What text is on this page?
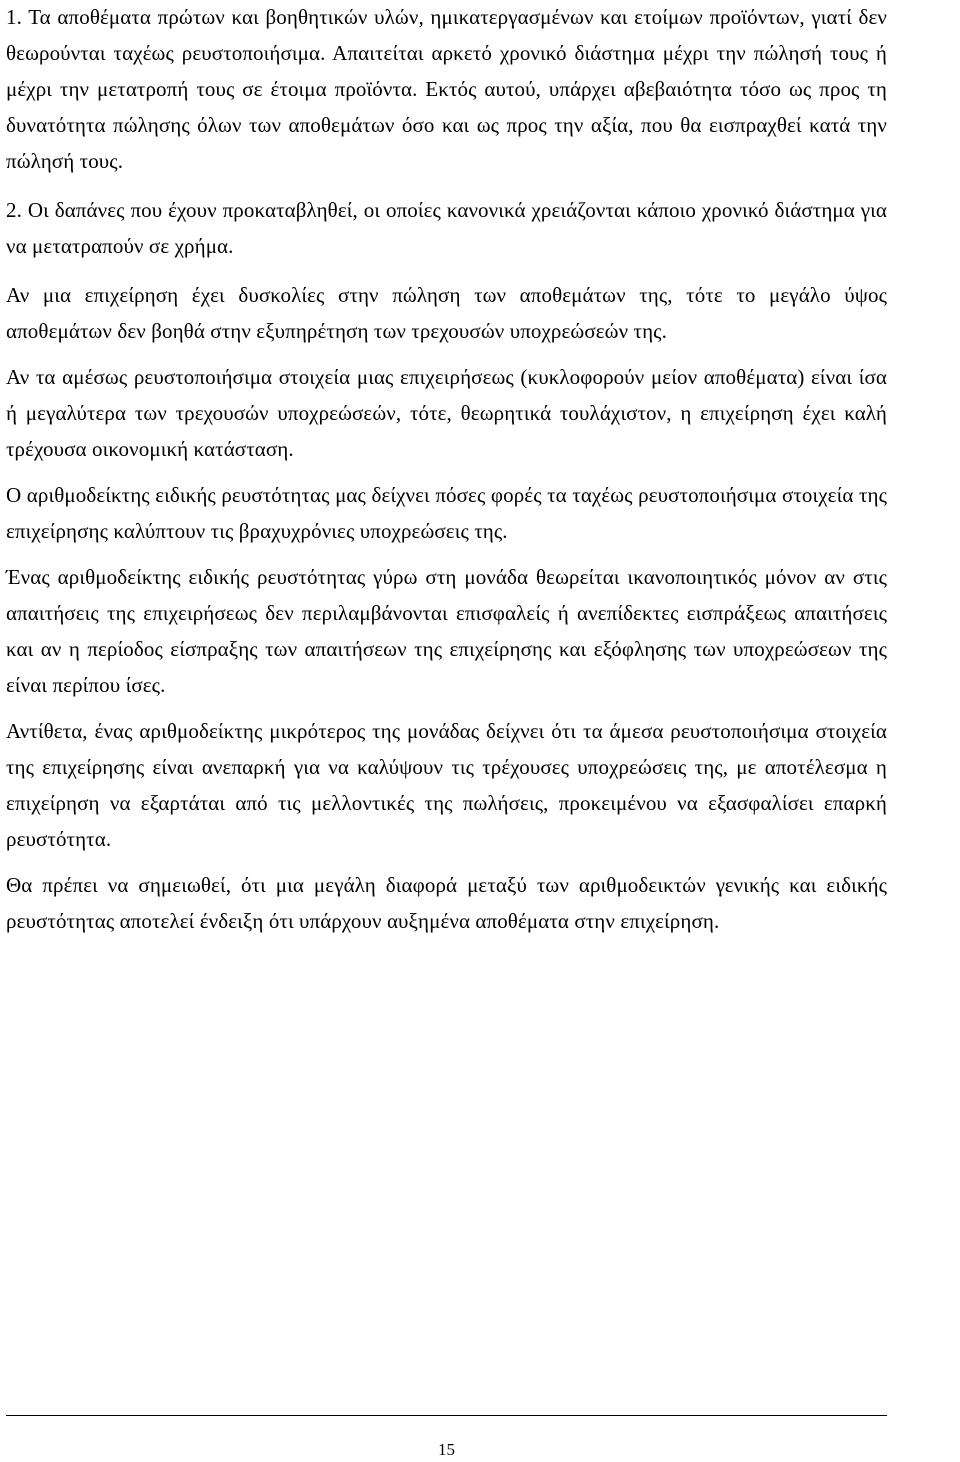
1. Τα αποθέματα πρώτων και βοηθητικών υλών, ημικατεργασμένων και ετοίμων προϊόντων, γιατί δεν θεωρούνται ταχέως ρευστοποιήσιμα. Απαιτείται αρκετό χρονικό διάστημα μέχρι την πώλησή τους ή μέχρι την μετατροπή τους σε έτοιμα προϊόντα. Εκτός αυτού, υπάρχει αβεβαιότητα τόσο ως προς τη δυνατότητα πώλησης όλων των αποθεμάτων όσο και ως προς την αξία, που θα εισπραχθεί κατά την πώλησή τους.

2. Οι δαπάνες που έχουν προκαταβληθεί, οι οποίες κανονικά χρειάζονται κάποιο χρονικό διάστημα για να μετατραπούν σε χρήμα.

Αν μια επιχείρηση έχει δυσκολίες στην πώληση των αποθεμάτων της, τότε το μεγάλο ύψος αποθεμάτων δεν βοηθά στην εξυπηρέτηση των τρεχουσών υποχρεώσεών της.

Αν τα αμέσως ρευστοποιήσιμα στοιχεία μιας επιχειρήσεως (κυκλοφορούν μείον αποθέματα) είναι ίσα ή μεγαλύτερα των τρεχουσών υποχρεώσεών, τότε, θεωρητικά τουλάχιστον, η επιχείρηση έχει καλή τρέχουσα οικονομική κατάσταση.

Ο αριθμοδείκτης ειδικής ρευστότητας μας δείχνει πόσες φορές τα ταχέως ρευστοποιήσιμα στοιχεία της επιχείρησης καλύπτουν τις βραχυχρόνιες υποχρεώσεις της.

Ένας αριθμοδείκτης ειδικής ρευστότητας γύρω στη μονάδα θεωρείται ικανοποιητικός μόνον αν στις απαιτήσεις της επιχειρήσεως δεν περιλαμβάνονται επισφαλείς ή ανεπίδεκτες εισπράξεως απαιτήσεις και αν η περίοδος είσπραξης των απαιτήσεων της επιχείρησης και εξόφλησης των υποχρεώσεων της είναι περίπου ίσες.

Αντίθετα, ένας αριθμοδείκτης μικρότερος της μονάδας δείχνει ότι τα άμεσα ρευστοποιήσιμα στοιχεία της επιχείρησης είναι ανεπαρκή για να καλύψουν τις τρέχουσες υποχρεώσεις της, με αποτέλεσμα η επιχείρηση να εξαρτάται από τις μελλοντικές της πωλήσεις, προκειμένου να εξασφαλίσει επαρκή ρευστότητα.

Θα πρέπει να σημειωθεί, ότι μια μεγάλη διαφορά μεταξύ των αριθμοδεικτών γενικής και ειδικής ρευστότητας αποτελεί ένδειξη ότι υπάρχουν αυξημένα αποθέματα στην επιχείρηση.

15
